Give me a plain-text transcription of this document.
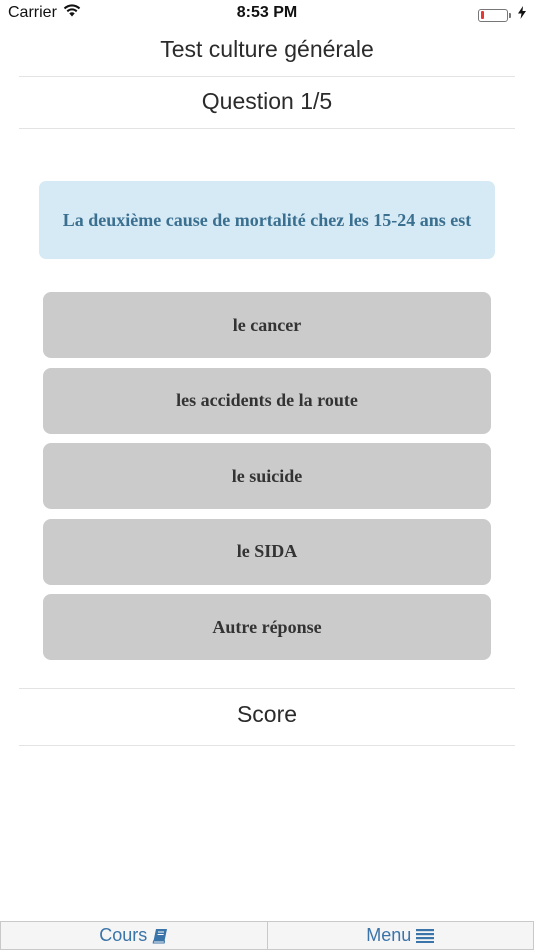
Carrier	8:53 PM
Test culture générale
Question 1/5
La deuxième cause de mortalité chez les 15-24 ans est
le cancer
les accidents de la route
le suicide
le SIDA
Autre réponse
Score
Cours	Menu
